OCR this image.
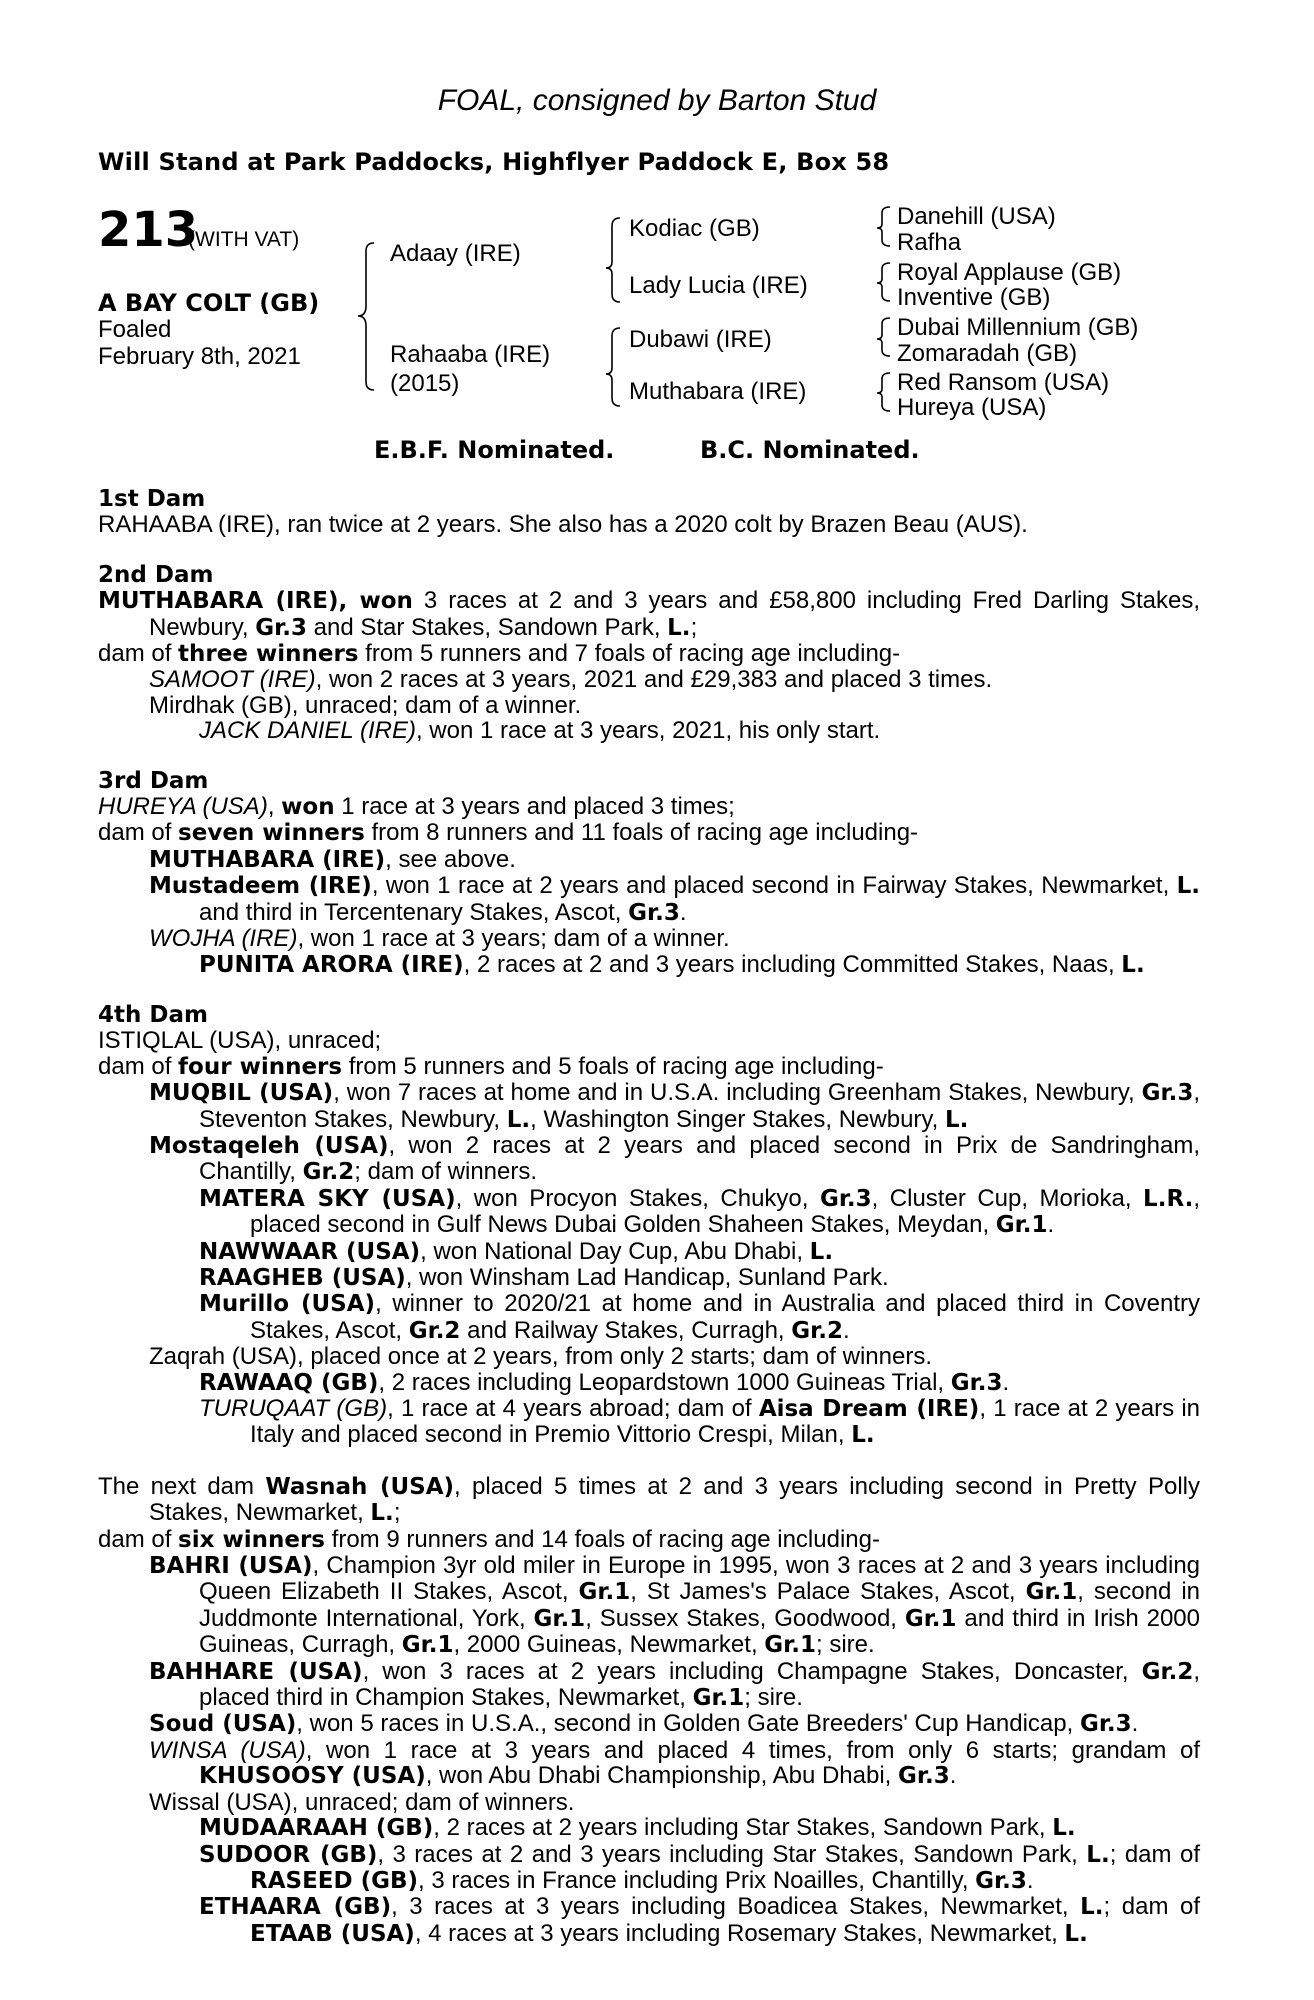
FOAL, consigned by Barton Stud
Will Stand at Park Paddocks, Highflyer Paddock E, Box 58
213
(WITH VAT)
A BAY COLT (GB)
Foaled
February 8th, 2021
Adaay (IRE)
Rahaaba (IRE)
(2015)
Kodiac (GB)
Lady Lucia (IRE)
Dubawi (IRE)
Muthabara (IRE)
Danehill (USA)
Rafha
Royal Applause (GB)
Inventive (GB)
Dubai Millennium (GB)
Zomaradah (GB)
Red Ransom (USA)
Hureya (USA)
E.B.F. Nominated.	B.C. Nominated.
1st Dam
RAHAABA (IRE), ran twice at 2 years. She also has a 2020 colt by Brazen Beau (AUS).
2nd Dam
MUTHABARA (IRE), won 3 races at 2 and 3 years and £58,800 including Fred Darling Stakes, Newbury, Gr.3 and Star Stakes, Sandown Park, L.;
dam of three winners from 5 runners and 7 foals of racing age including-
SAMOOT (IRE), won 2 races at 3 years, 2021 and £29,383 and placed 3 times.
Mirdhak (GB), unraced; dam of a winner.
JACK DANIEL (IRE), won 1 race at 3 years, 2021, his only start.
3rd Dam
HUREYA (USA), won 1 race at 3 years and placed 3 times;
dam of seven winners from 8 runners and 11 foals of racing age including-
MUTHABARA (IRE), see above.
Mustadeem (IRE), won 1 race at 2 years and placed second in Fairway Stakes, Newmarket, L. and third in Tercentenary Stakes, Ascot, Gr.3.
WOJHA (IRE), won 1 race at 3 years; dam of a winner.
PUNITA ARORA (IRE), 2 races at 2 and 3 years including Committed Stakes, Naas, L.
4th Dam
ISTIQLAL (USA), unraced;
dam of four winners from 5 runners and 5 foals of racing age including-
MUQBIL (USA), won 7 races at home and in U.S.A. including Greenham Stakes, Newbury, Gr.3, Steventon Stakes, Newbury, L., Washington Singer Stakes, Newbury, L.
Mostaqeleh (USA), won 2 races at 2 years and placed second in Prix de Sandringham, Chantilly, Gr.2; dam of winners.
MATERA SKY (USA), won Procyon Stakes, Chukyo, Gr.3, Cluster Cup, Morioka, L.R., placed second in Gulf News Dubai Golden Shaheen Stakes, Meydan, Gr.1.
NAWWAAR (USA), won National Day Cup, Abu Dhabi, L.
RAAGHEB (USA), won Winsham Lad Handicap, Sunland Park.
Murillo (USA), winner to 2020/21 at home and in Australia and placed third in Coventry Stakes, Ascot, Gr.2 and Railway Stakes, Curragh, Gr.2.
Zaqrah (USA), placed once at 2 years, from only 2 starts; dam of winners.
RAWAAQ (GB), 2 races including Leopardstown 1000 Guineas Trial, Gr.3.
TURUQAAT (GB), 1 race at 4 years abroad; dam of Aisa Dream (IRE), 1 race at 2 years in Italy and placed second in Premio Vittorio Crespi, Milan, L.
The next dam Wasnah (USA), placed 5 times at 2 and 3 years including second in Pretty Polly Stakes, Newmarket, L.;
dam of six winners from 9 runners and 14 foals of racing age including-
BAHRI (USA), Champion 3yr old miler in Europe in 1995, won 3 races at 2 and 3 years including Queen Elizabeth II Stakes, Ascot, Gr.1, St James's Palace Stakes, Ascot, Gr.1, second in Juddmonte International, York, Gr.1, Sussex Stakes, Goodwood, Gr.1 and third in Irish 2000 Guineas, Curragh, Gr.1, 2000 Guineas, Newmarket, Gr.1; sire.
BAHHARE (USA), won 3 races at 2 years including Champagne Stakes, Doncaster, Gr.2, placed third in Champion Stakes, Newmarket, Gr.1; sire.
Soud (USA), won 5 races in U.S.A., second in Golden Gate Breeders' Cup Handicap, Gr.3.
WINSA (USA), won 1 race at 3 years and placed 4 times, from only 6 starts; grandam of KHUSOOSY (USA), won Abu Dhabi Championship, Abu Dhabi, Gr.3.
Wissal (USA), unraced; dam of winners.
MUDAARAAH (GB), 2 races at 2 years including Star Stakes, Sandown Park, L.
SUDOOR (GB), 3 races at 2 and 3 years including Star Stakes, Sandown Park, L.; dam of RASEED (GB), 3 races in France including Prix Noailles, Chantilly, Gr.3.
ETHAARA (GB), 3 races at 3 years including Boadicea Stakes, Newmarket, L.; dam of ETAAB (USA), 4 races at 3 years including Rosemary Stakes, Newmarket, L.
